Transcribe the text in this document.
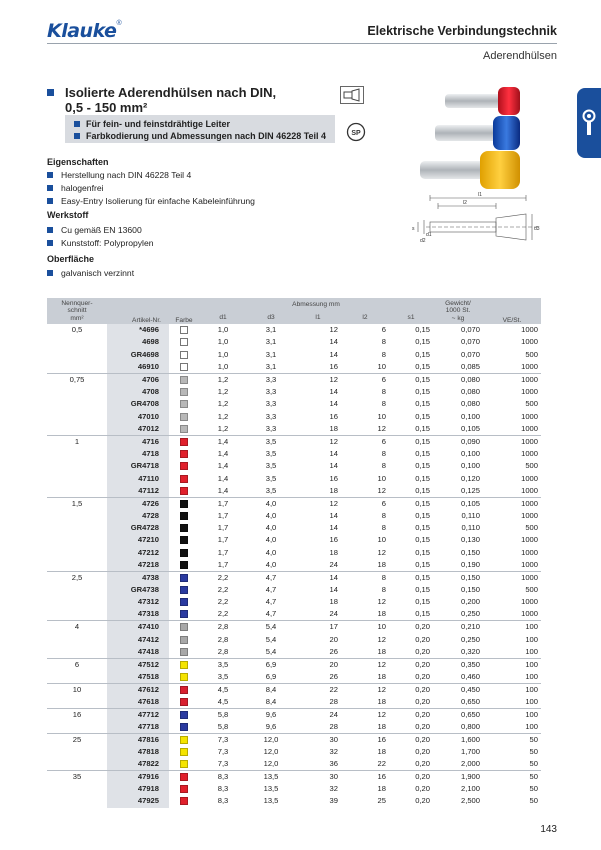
Klauke®
Elektrische Verbindungstechnik
Aderendhülsen
Isolierte Aderendhülsen nach DIN,
0,5 - 150 mm²
Für fein- und feinstdrähtige Leiter
Farbkodierung und Abmessungen nach DIN 46228 Teil 4	SP
Eigenschaften
Herstellung nach DIN 46228 Teil 4
halogenfrei
Easy-Entry Isolierung für einfache Kabeleinführung
Werkstoff
Cu gemäß EN 13600
Kunststoff: Polypropylen
Oberfläche
galvanisch verzinnt
l1
l2
s
d1
d2
d3
Nennquer-
schnitt
mm²	Artikel-Nr.	Farbe	Abmessung mm					Gewicht/
1000 St.
~ kg	VE/St.
			d1	d3	l1	l2	s1		
0,5	*4696		1,0	3,1	12	6	0,15	0,070	1000
	4698		1,0	3,1	14	8	0,15	0,070	1000
	GR4698		1,0	3,1	14	8	0,15	0,070	500
	46910		1,0	3,1	16	10	0,15	0,085	1000
0,75	4706		1,2	3,3	12	6	0,15	0,080	1000
	4708		1,2	3,3	14	8	0,15	0,080	1000
	GR4708		1,2	3,3	14	8	0,15	0,080	500
	47010		1,2	3,3	16	10	0,15	0,100	1000
	47012		1,2	3,3	18	12	0,15	0,105	1000
1	4716		1,4	3,5	12	6	0,15	0,090	1000
	4718		1,4	3,5	14	8	0,15	0,100	1000
	GR4718		1,4	3,5	14	8	0,15	0,100	500
	47110		1,4	3,5	16	10	0,15	0,120	1000
	47112		1,4	3,5	18	12	0,15	0,125	1000
1,5	4726		1,7	4,0	12	6	0,15	0,105	1000
	4728		1,7	4,0	14	8	0,15	0,110	1000
	GR4728		1,7	4,0	14	8	0,15	0,110	500
	47210		1,7	4,0	16	10	0,15	0,130	1000
	47212		1,7	4,0	18	12	0,15	0,150	1000
	47218		1,7	4,0	24	18	0,15	0,190	1000
2,5	4738		2,2	4,7	14	8	0,15	0,150	1000
	GR4738		2,2	4,7	14	8	0,15	0,150	500
	47312		2,2	4,7	18	12	0,15	0,200	1000
	47318		2,2	4,7	24	18	0,15	0,250	1000
4	47410		2,8	5,4	17	10	0,20	0,210	100
	47412		2,8	5,4	20	12	0,20	0,250	100
	47418		2,8	5,4	26	18	0,20	0,320	100
6	47512		3,5	6,9	20	12	0,20	0,350	100
	47518		3,5	6,9	26	18	0,20	0,460	100
10	47612		4,5	8,4	22	12	0,20	0,450	100
	47618		4,5	8,4	28	18	0,20	0,650	100
16	47712		5,8	9,6	24	12	0,20	0,650	100
	47718		5,8	9,6	28	18	0,20	0,800	100
25	47816		7,3	12,0	30	16	0,20	1,600	50
	47818		7,3	12,0	32	18	0,20	1,700	50
	47822		7,3	12,0	36	22	0,20	2,000	50
35	47916		8,3	13,5	30	16	0,20	1,900	50
	47918		8,3	13,5	32	18	0,20	2,100	50
	47925		8,3	13,5	39	25	0,20	2,500	50
143
